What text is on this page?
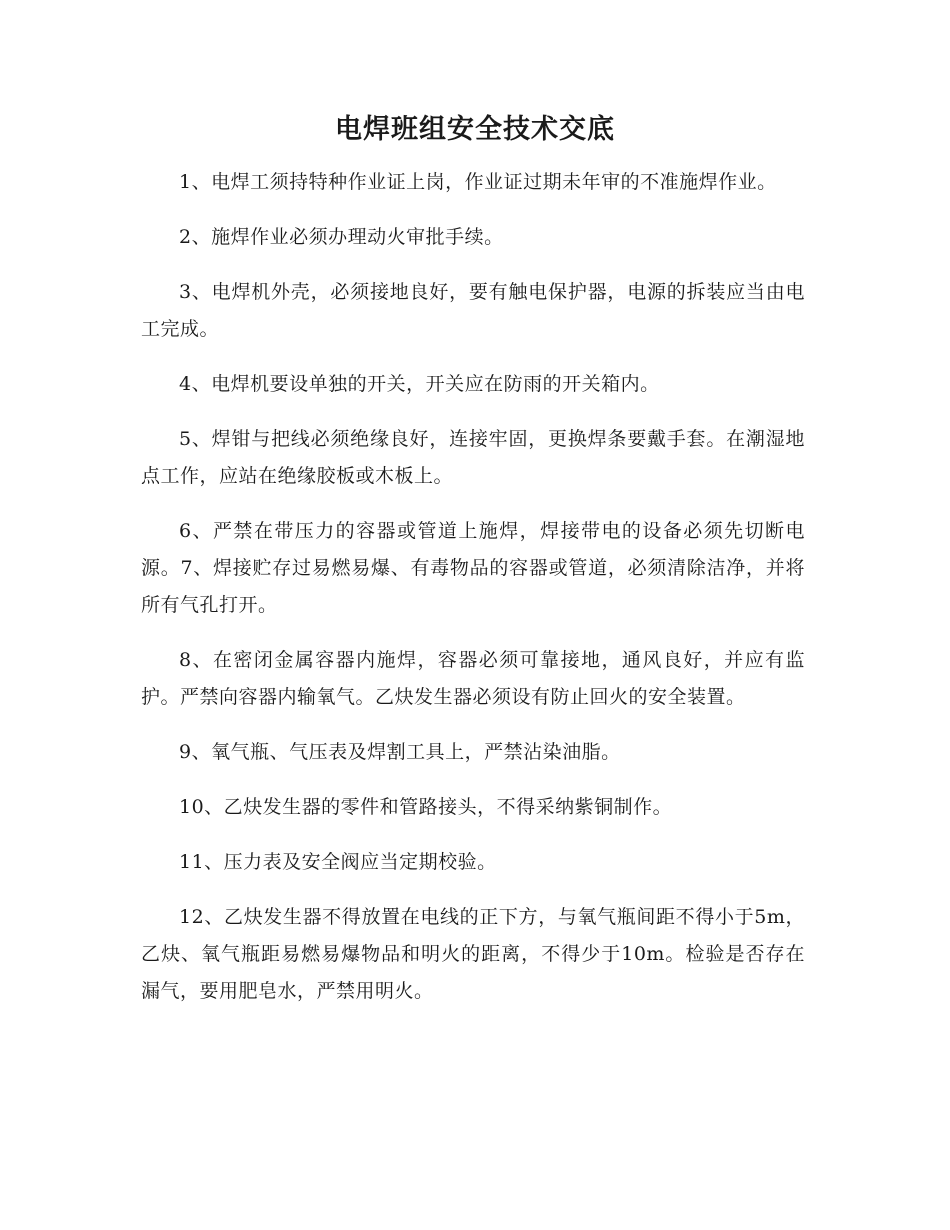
电焊班组安全技术交底

1、电焊工须持特种作业证上岗，作业证过期未年审的不准施焊作业。

2、施焊作业必须办理动火审批手续。

3、电焊机外壳，必须接地良好，要有触电保护器，电源的拆装应当由电工完成。

4、电焊机要设单独的开关，开关应在防雨的开关箱内。

5、焊钳与把线必须绝缘良好，连接牢固，更换焊条要戴手套。在潮湿地点工作，应站在绝缘胶板或木板上。

6、严禁在带压力的容器或管道上施焊，焊接带电的设备必须先切断电源。7、焊接贮存过易燃易爆、有毒物品的容器或管道，必须清除洁净，并将所有气孔打开。

8、在密闭金属容器内施焊，容器必须可靠接地，通风良好，并应有监护。严禁向容器内输氧气。乙炔发生器必须设有防止回火的安全装置。

9、氧气瓶、气压表及焊割工具上，严禁沾染油脂。

10、乙炔发生器的零件和管路接头，不得采纳紫铜制作。

11、压力表及安全阀应当定期校验。

12、乙炔发生器不得放置在电线的正下方，与氧气瓶间距不得小于5m，乙炔、氧气瓶距易燃易爆物品和明火的距离，不得少于10m。检验是否存在漏气，要用肥皂水，严禁用明火。
